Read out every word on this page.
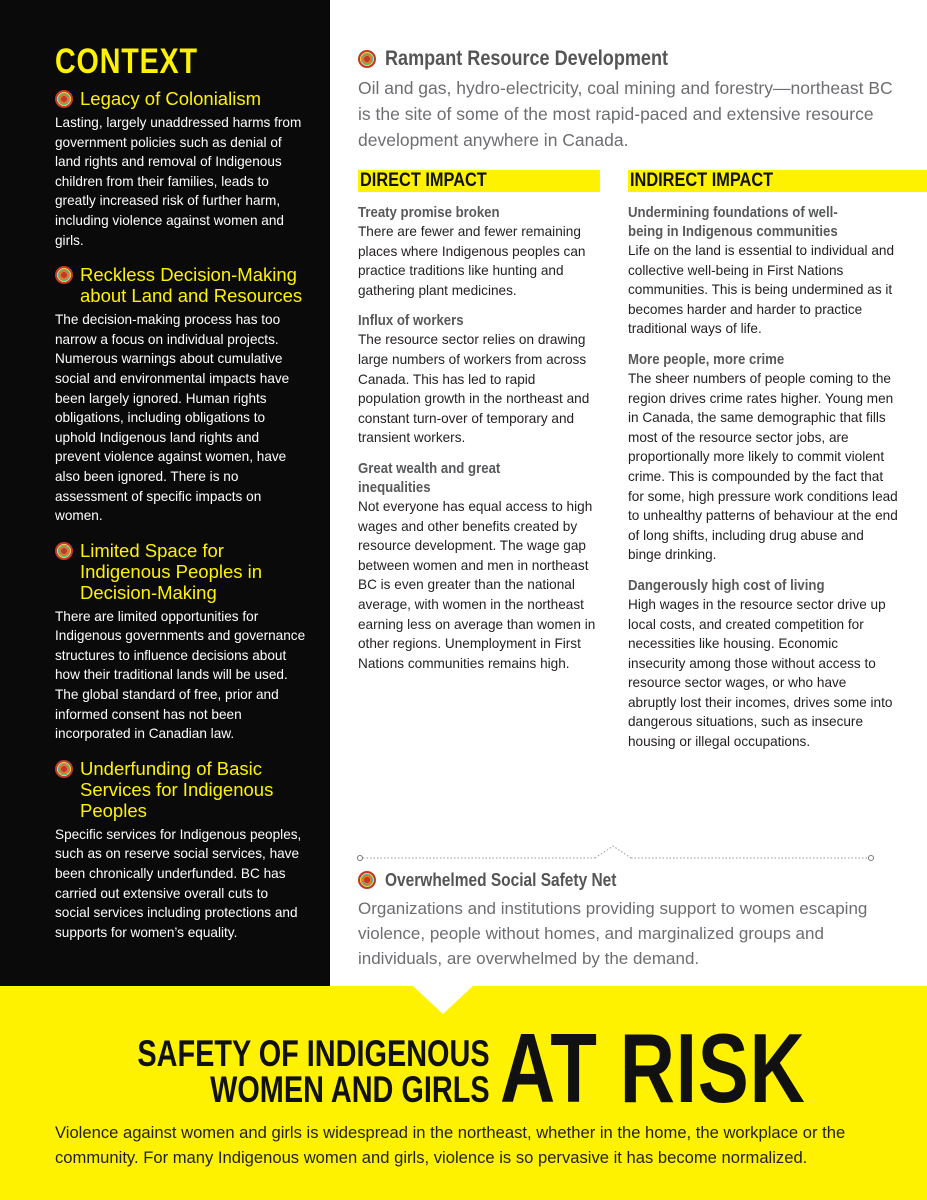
CONTEXT
Legacy of Colonialism

Lasting, largely unaddressed harms from government policies such as denial of land rights and removal of Indigenous children from their families, leads to greatly increased risk of further harm, including violence against women and girls.

Reckless Decision-Making about Land and Resources

The decision-making process has too narrow a focus on individual projects. Numerous warnings about cumulative social and environmental impacts have been largely ignored. Human rights obligations, including obligations to uphold Indigenous land rights and prevent violence against women, have also been ignored. There is no assessment of specific impacts on women.

Limited Space for Indigenous Peoples in Decision-Making

There are limited opportunities for Indigenous governments and governance structures to influence decisions about how their traditional lands will be used. The global standard of free, prior and informed consent has not been incorporated in Canadian law.

Underfunding of Basic Services for Indigenous Peoples

Specific services for Indigenous peoples, such as on reserve social services, have been chronically underfunded. BC has carried out extensive overall cuts to social services including protections and supports for women’s equality.

Rampant Resource Development

Oil and gas, hydro-electricity, coal mining and forestry—northeast BC is the site of some of the most rapid-paced and extensive resource development anywhere in Canada.

DIRECT IMPACT
Treaty promise broken

There are fewer and fewer remaining places where Indigenous peoples can practice traditions like hunting and gathering plant medicines.

Influx of workers

The resource sector relies on drawing large numbers of workers from across Canada. This has led to rapid population growth in the northeast and constant turn-over of temporary and transient workers.

Great wealth and great inequalities

Not everyone has equal access to high wages and other benefits created by resource development. The wage gap between women and men in northeast BC is even greater than the national average, with women in the northeast earning less on average than women in other regions. Unemployment in First Nations communities remains high.

INDIRECT IMPACT
Undermining foundations of well-being in Indigenous communities

Life on the land is essential to individual and collective well-being in First Nations communities. This is being undermined as it becomes harder and harder to practice traditional ways of life.

More people, more crime

The sheer numbers of people coming to the region drives crime rates higher. Young men in Canada, the same demographic that fills most of the resource sector jobs, are proportionally more likely to commit violent crime. This is compounded by the fact that for some, high pressure work conditions lead to unhealthy patterns of behaviour at the end of long shifts, including drug abuse and binge drinking.

Dangerously high cost of living

High wages in the resource sector drive up local costs, and created competition for necessities like housing. Economic insecurity among those without access to resource sector wages, or who have abruptly lost their incomes, drives some into dangerous situations, such as insecure housing or illegal occupations.

Overwhelmed Social Safety Net

Organizations and institutions providing support to women escaping violence, people without homes, and marginalized groups and individuals, are overwhelmed by the demand.

SAFETY OF INDIGENOUS
WOMEN AND GIRLS AT RISK

Violence against women and girls is widespread in the northeast, whether in the home, the workplace or the community. For many Indigenous women and girls, violence is so pervasive it has become normalized.
